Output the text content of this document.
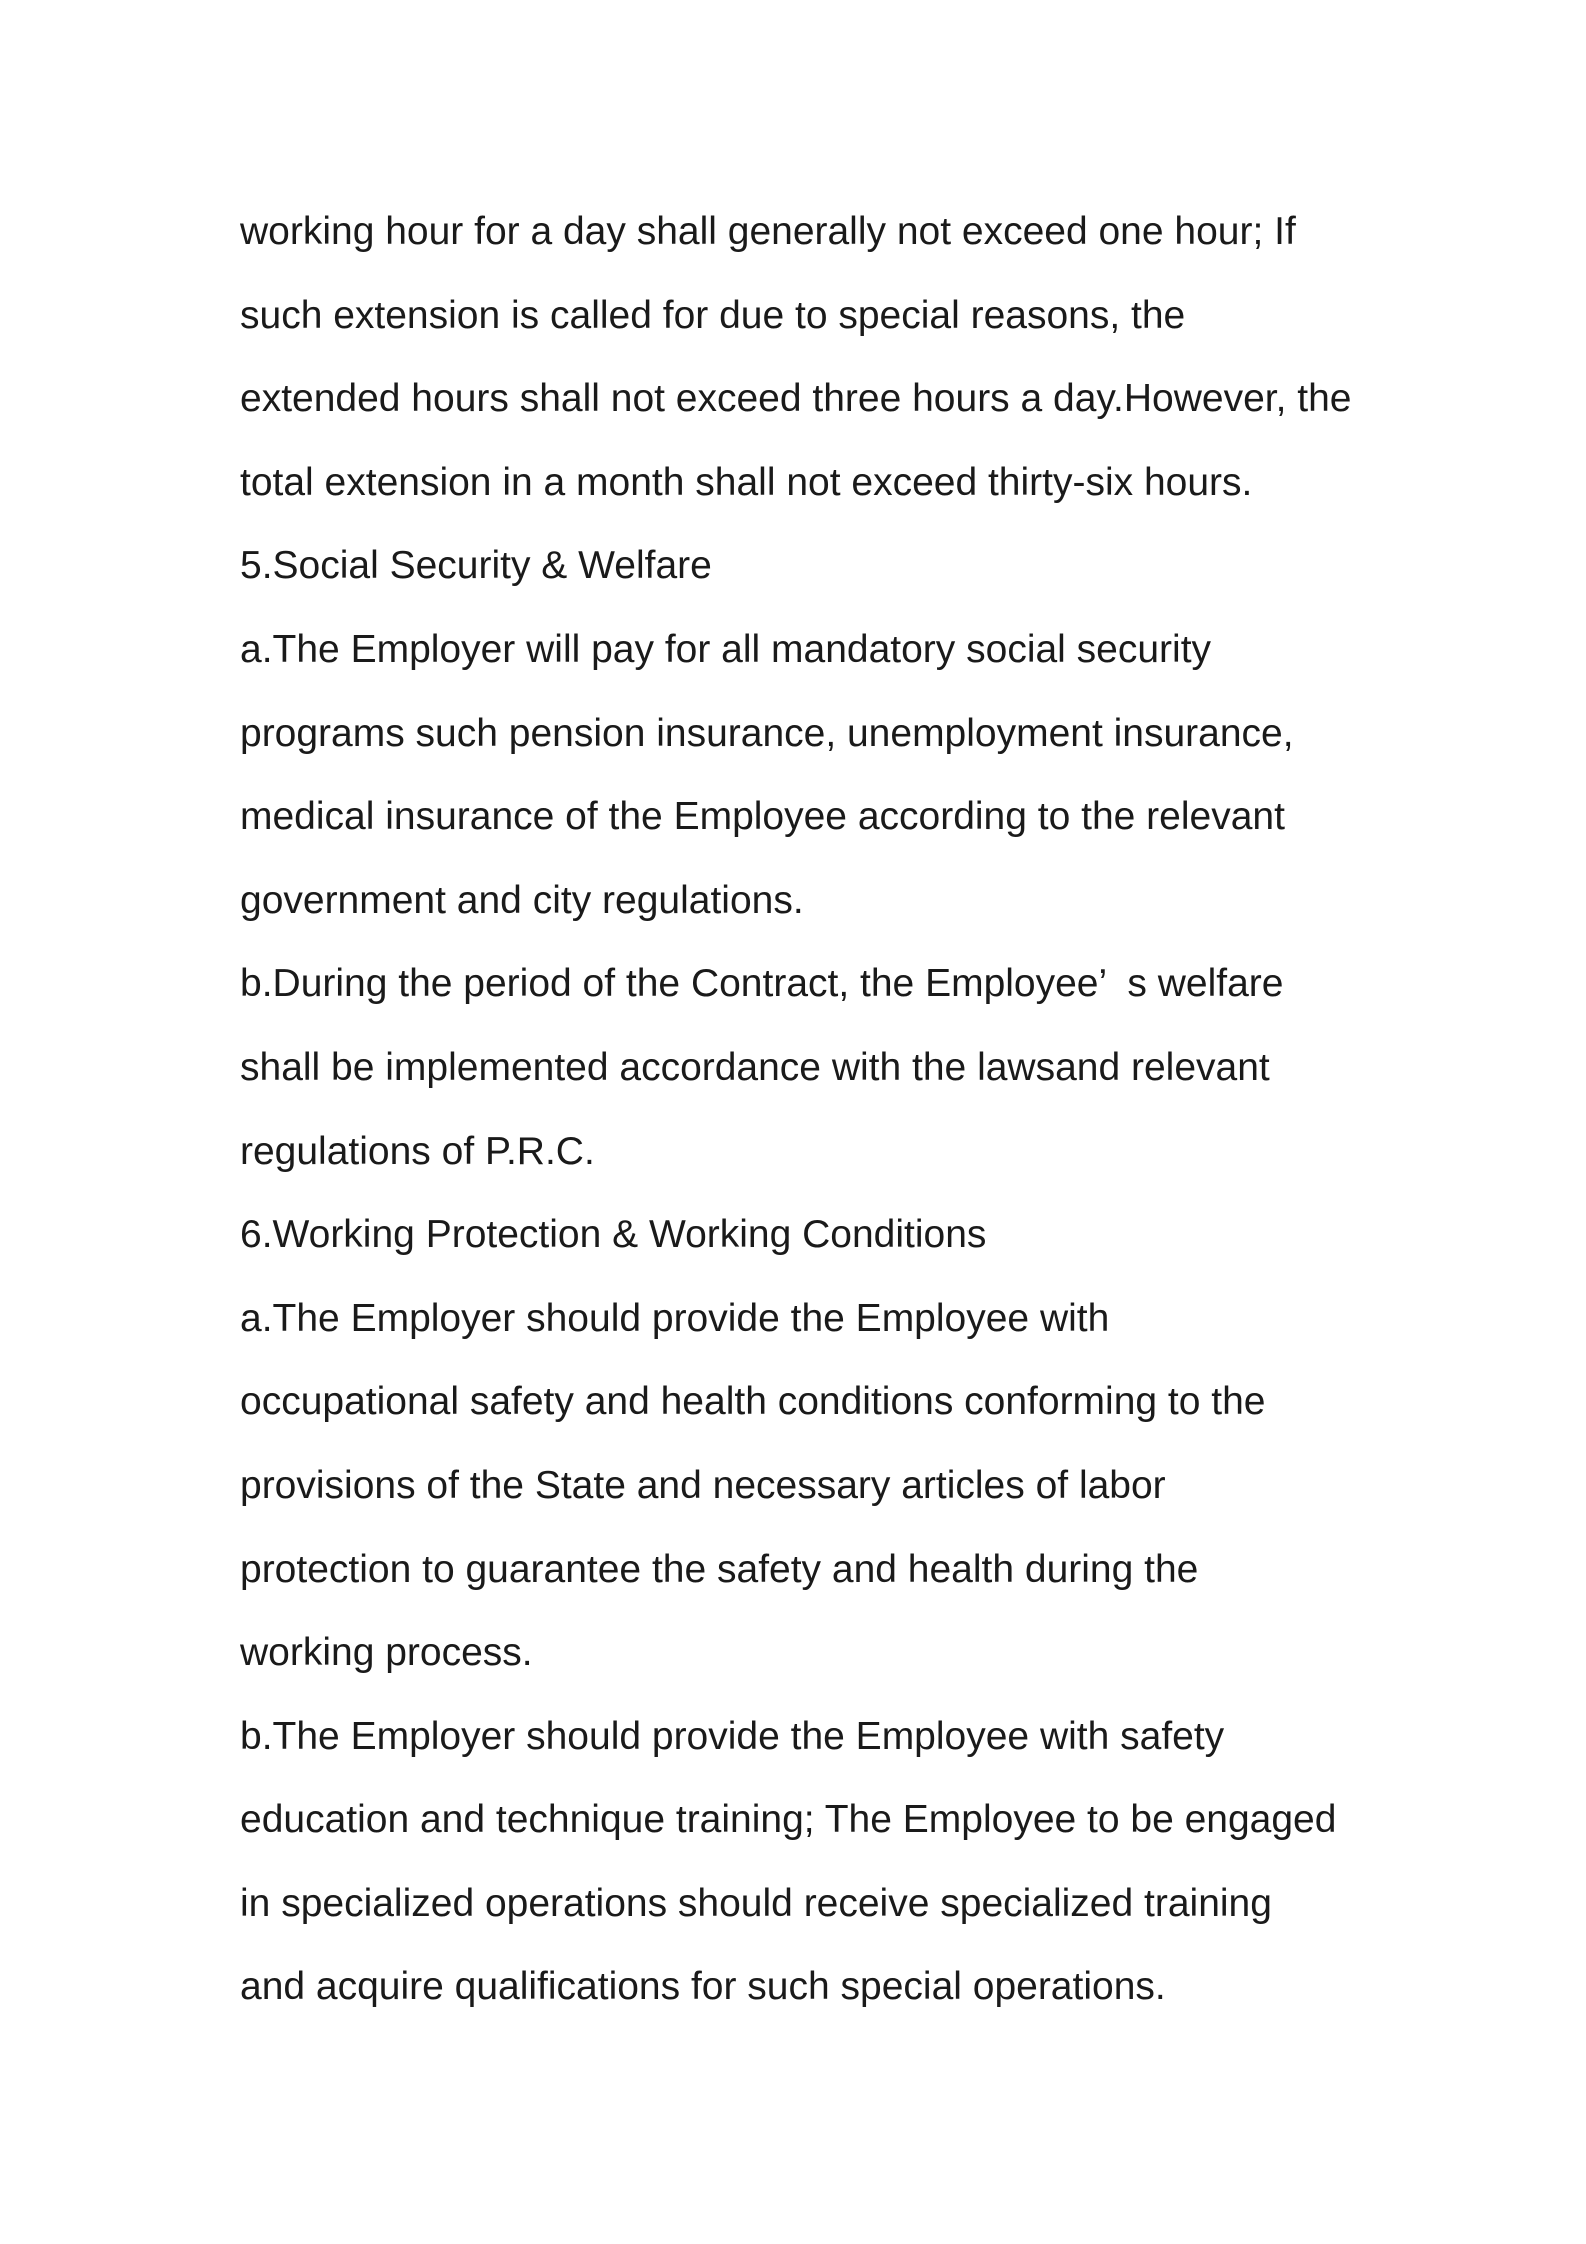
working hour for a day shall generally not exceed one hour; If
such extension is called for due to special reasons, the
extended hours shall not exceed three hours a day.However, the
total extension in a month shall not exceed thirty-six hours.
5.Social Security & Welfare
a.The Employer will pay for all mandatory social security
programs such pension insurance, unemployment insurance,
medical insurance of the Employee according to the relevant
government and city regulations.
b.During the period of the Contract, the Employee’  s welfare
shall be implemented accordance with the lawsand relevant
regulations of P.R.C.
6.Working Protection & Working Conditions
a.The Employer should provide the Employee with
occupational safety and health conditions conforming to the
provisions of the State and necessary articles of labor
protection to guarantee the safety and health during the
working process.
b.The Employer should provide the Employee with safety
education and technique training; The Employee to be engaged
in specialized operations should receive specialized training
and acquire qualifications for such special operations.
